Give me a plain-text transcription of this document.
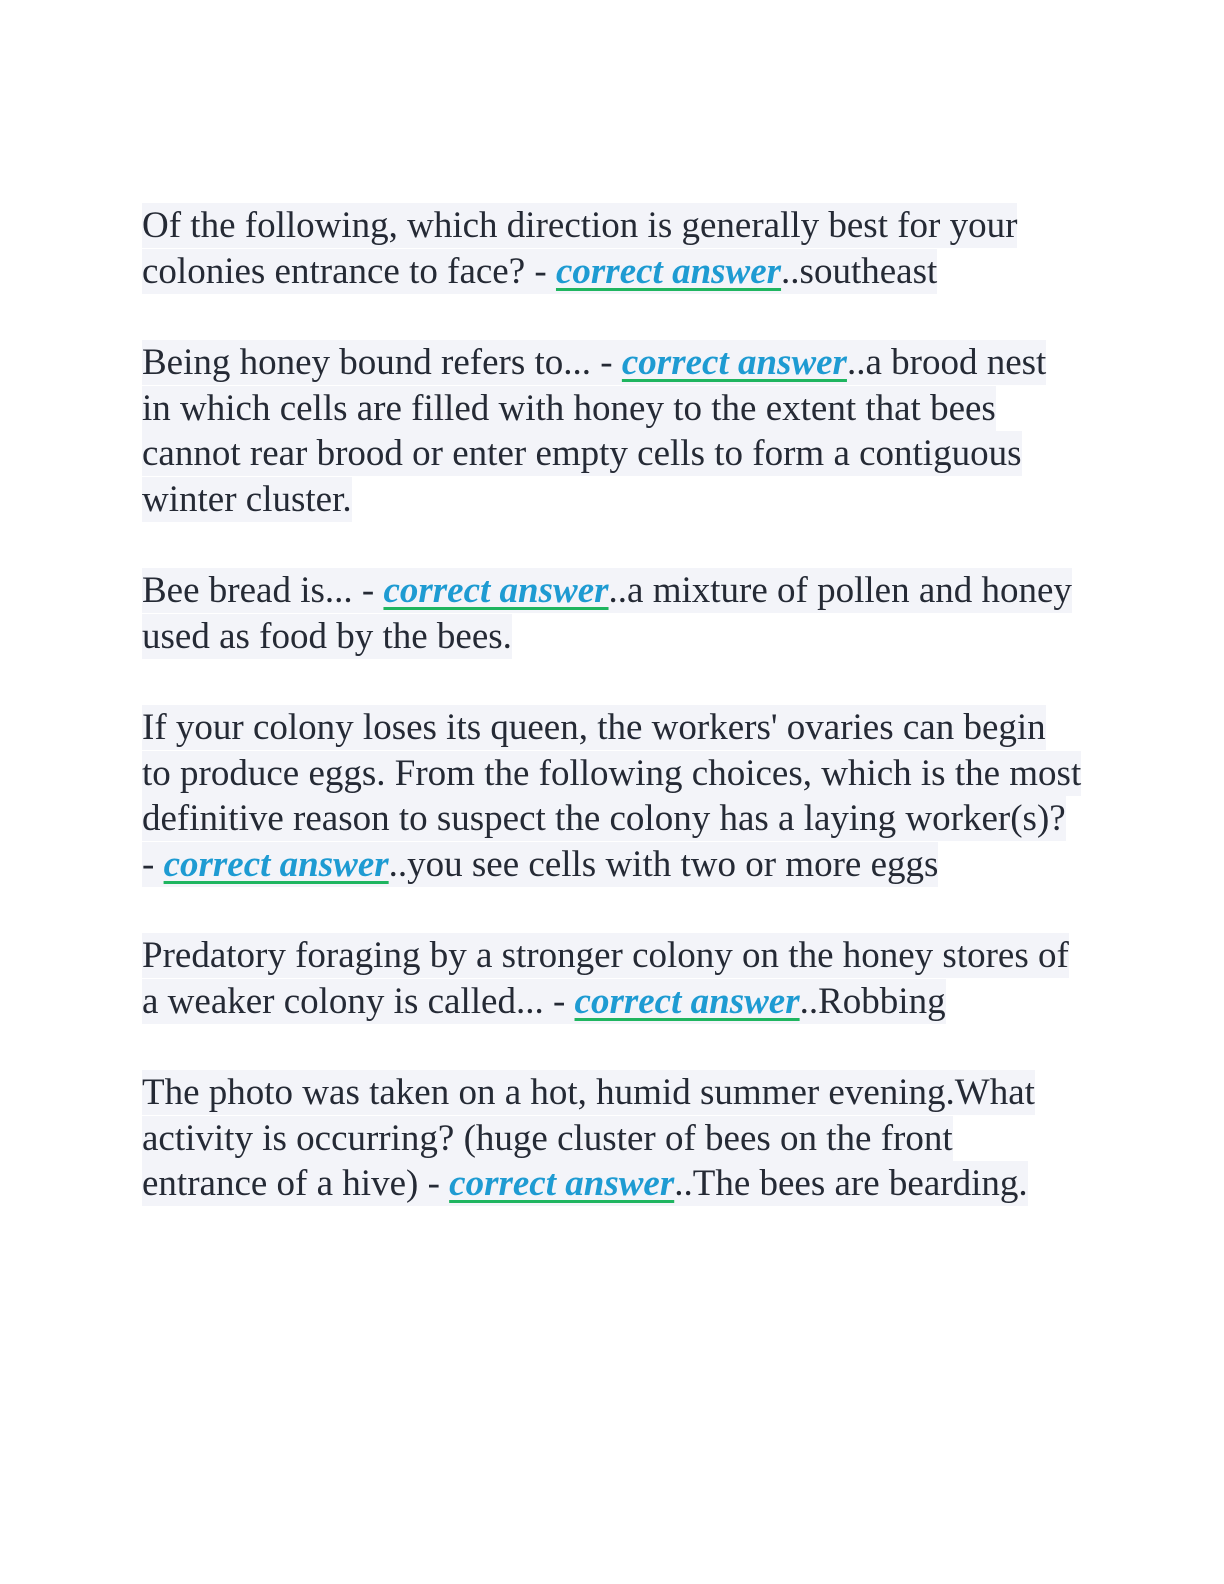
Of the following, which direction is generally best for your colonies entrance to face? - correct answer..southeast

Being honey bound refers to... - correct answer..a brood nest in which cells are filled with honey to the extent that bees cannot rear brood or enter empty cells to form a contiguous winter cluster.

Bee bread is... - correct answer..a mixture of pollen and honey used as food by the bees.

If your colony loses its queen, the workers' ovaries can begin to produce eggs. From the following choices, which is the most definitive reason to suspect the colony has a laying worker(s)? - correct answer..you see cells with two or more eggs

Predatory foraging by a stronger colony on the honey stores of a weaker colony is called... - correct answer..Robbing

The photo was taken on a hot, humid summer evening.What activity is occurring? (huge cluster of bees on the front entrance of a hive) - correct answer..The bees are bearding.
